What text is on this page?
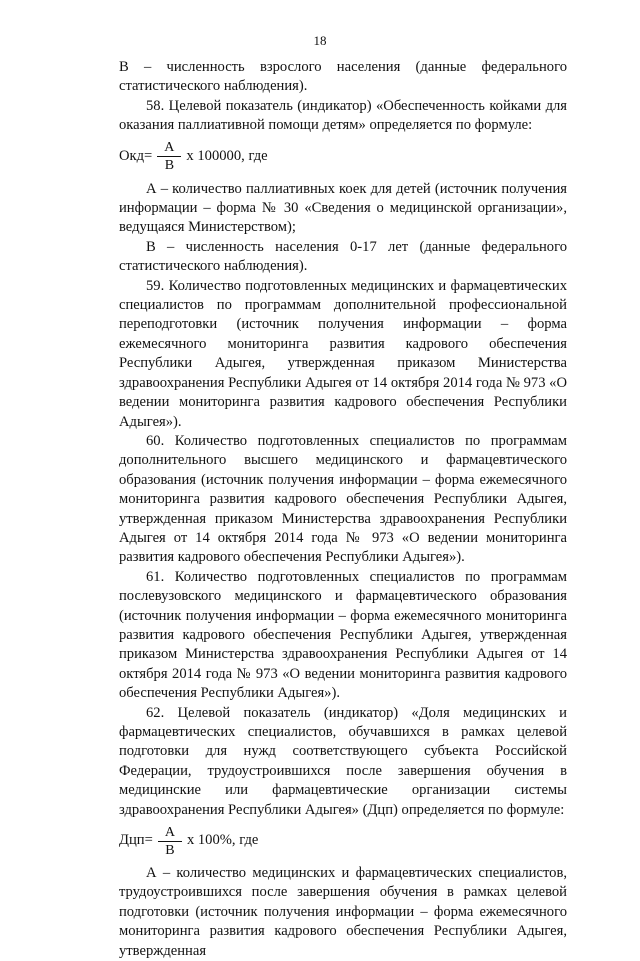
18

В – численность взрослого населения (данные федерального статистического наблюдения).

58. Целевой показатель (индикатор) «Обеспеченность койками для оказания паллиативной помощи детям» определяется по формуле:

$Окд= \frac{А}{В}$ х 100000, где

А – количество паллиативных коек для детей (источник получения информации – форма № 30 «Сведения о медицинской организации», ведущаяся Министерством);

В – численность населения 0-17 лет (данные федерального статистического наблюдения).

59. Количество подготовленных медицинских и фармацевтических специалистов по программам дополнительной профессиональной переподготовки (источник получения информации – форма ежемесячного мониторинга развития кадрового обеспечения Республики Адыгея, утвержденная приказом Министерства здравоохранения Республики Адыгея от 14 октября 2014 года № 973 «О ведении мониторинга развития кадрового обеспечения Республики Адыгея»).

60. Количество подготовленных специалистов по программам дополнительного высшего медицинского и фармацевтического образования (источник получения информации – форма ежемесячного мониторинга развития кадрового обеспечения Республики Адыгея, утвержденная приказом Министерства здравоохранения Республики Адыгея от 14 октября 2014 года № 973 «О ведении мониторинга развития кадрового обеспечения Республики Адыгея»).

61. Количество подготовленных специалистов по программам послевузовского медицинского и фармацевтического образования (источник получения информации – форма ежемесячного мониторинга развития кадрового обеспечения Республики Адыгея, утвержденная приказом Министерства здравоохранения Республики Адыгея от 14 октября 2014 года № 973 «О ведении мониторинга развития кадрового обеспечения Республики Адыгея»).

62. Целевой показатель (индикатор) «Доля медицинских и фармацевтических специалистов, обучавшихся в рамках целевой подготовки для нужд соответствующего субъекта Российской Федерации, трудоустроившихся после завершения обучения в медицинские или фармацевтические организации системы здравоохранения Республики Адыгея» (Дцп) определяется по формуле:

$Дцп= \frac{А}{В}$ х 100%, где

А – количество медицинских и фармацевтических специалистов, трудоустроившихся после завершения обучения в рамках целевой подготовки (источник получения информации – форма ежемесячного мониторинга развития кадрового обеспечения Республики Адыгея, утвержденная
